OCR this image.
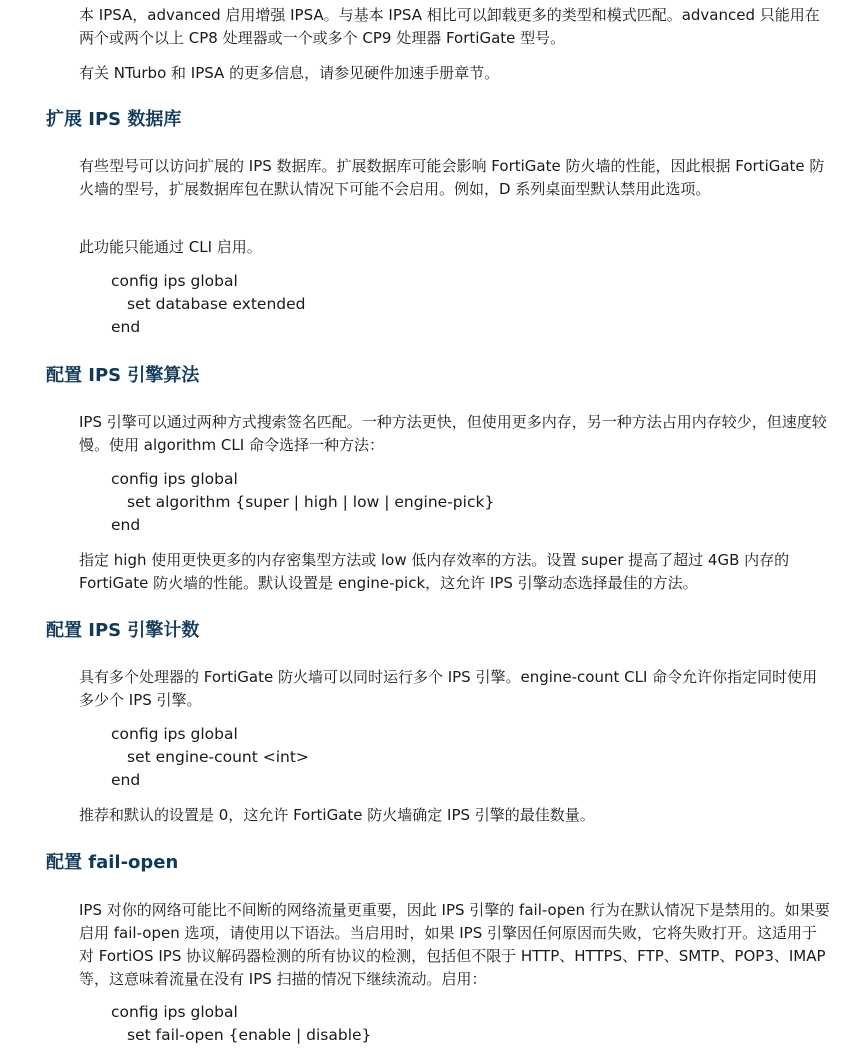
本 IPSA，advanced 启用增强 IPSA。与基本 IPSA 相比可以卸载更多的类型和模式匹配。advanced 只能用在两个或两个以上 CP8 处理器或一个或多个 CP9 处理器 FortiGate 型号。

有关 NTurbo 和 IPSA 的更多信息，请参见硬件加速手册章节。

扩展 IPS 数据库

有些型号可以访问扩展的 IPS 数据库。扩展数据库可能会影响 FortiGate 防火墙的性能，因此根据 FortiGate 防火墙的型号，扩展数据库包在默认情况下可能不会启用。例如，D 系列桌面型默认禁用此选项。

此功能只能通过 CLI 启用。

config ips global
set database extended
end
配置 IPS 引擎算法

IPS 引擎可以通过两种方式搜索签名匹配。一种方法更快，但使用更多内存，另一种方法占用内存较少，但速度较慢。使用 algorithm CLI 命令选择一种方法：

config ips global
set algorithm {super | high | low | engine-pick}
end

指定 high 使用更快更多的内存密集型方法或 low 低内存效率的方法。设置 super 提高了超过 4GB 内存的 FortiGate 防火墙的性能。默认设置是 engine-pick，这允许 IPS 引擎动态选择最佳的方法。

配置 IPS 引擎计数

具有多个处理器的 FortiGate 防火墙可以同时运行多个 IPS 引擎。engine-count CLI 命令允许你指定同时使用多少个 IPS 引擎。

config ips global
set engine-count <int>
end

推荐和默认的设置是 0，这允许 FortiGate 防火墙确定 IPS 引擎的最佳数量。

配置 fail-open

IPS 对你的网络可能比不间断的网络流量更重要，因此 IPS 引擎的 fail-open 行为在默认情况下是禁用的。如果要启用 fail-open 选项，请使用以下语法。当启用时，如果 IPS 引擎因任何原因而失败，它将失败打开。这适用于对 FortiOS IPS 协议解码器检测的所有协议的检测，包括但不限于 HTTP、HTTPS、FTP、SMTP、POP3、IMAP 等，这意味着流量在没有 IPS 扫描的情况下继续流动。启用：

config ips global
set fail-open {enable | disable}
